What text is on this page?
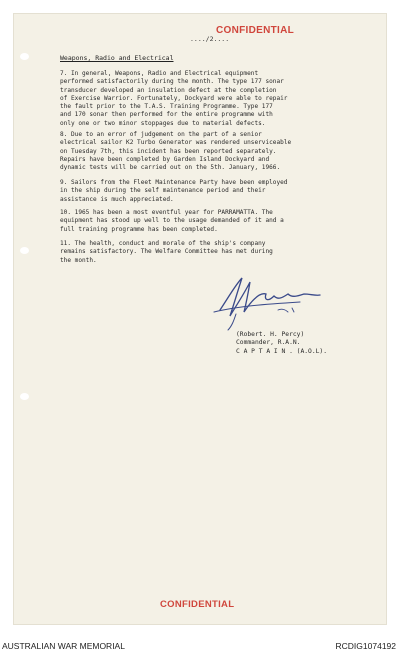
..../2....
CONFIDENTIAL
Weapons, Radio and Electrical

7. In general, Weapons, Radio and Electrical equipment
performed satisfactorily during the month. The type 177 sonar
transducer developed an insulation defect at the completion
of Exercise Warrior. Fortunately, Dockyard were able to repair
the fault prior to the T.A.S. Training Programme. Type 177
and 170 sonar then performed for the entire programme with
only one or two minor stoppages due to material defects.

8. Due to an error of judgement on the part of a senior
electrical sailor K2 Turbo Generator was rendered unserviceable
on Tuesday 7th, this incident has been reported separately.
Repairs have been completed by Garden Island Dockyard and
dynamic tests will be carried out on the 5th. January, 1966.

9. Sailors from the Fleet Maintenance Party have been employed
in the ship during the self maintenance period and their
assistance is much appreciated.

10. 1965 has been a most eventful year for PARRAMATTA. The
equipment has stood up well to the usage demanded of it and a
full training programme has been completed.

11. The health, conduct and morale of the ship's company
remains satisfactory. The Welfare Committee has met during
the month.

(Robert. H. Percy)
Commander, R.A.N.
C A P T A I N . (A.O.L).
CONFIDENTIAL
AUSTRALIAN WAR MEMORIAL	RCDIG1074192
